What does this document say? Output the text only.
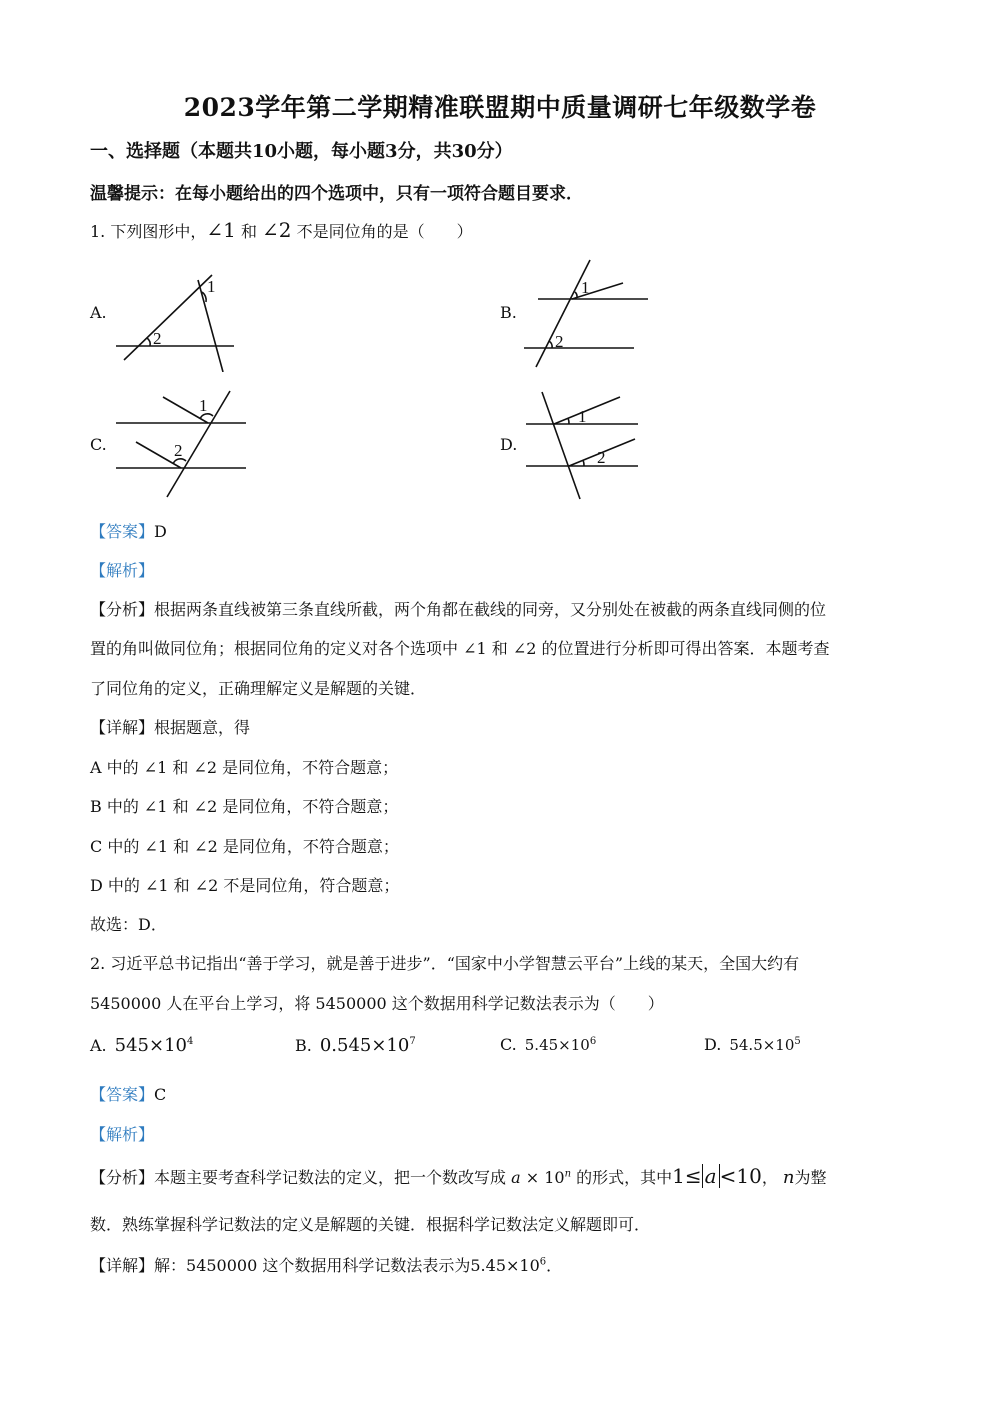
2023学年第二学期精准联盟期中质量调研七年级数学卷
一、选择题（本题共10小题，每小题3分，共30分）
温馨提示：在每小题给出的四个选项中，只有一项符合题目要求．
1. 下列图形中，∠1 和 ∠2 不是同位角的是（　　）
A.
2
1
B.
1
2
C.
1
2	D.
1
2
【答案】D
【解析】
【分析】根据两条直线被第三条直线所截，两个角都在截线的同旁，又分别处在被截的两条直线同侧的位
置的角叫做同位角；根据同位角的定义对各个选项中 ∠1 和 ∠2 的位置进行分析即可得出答案．本题考查
了同位角的定义，正确理解定义是解题的关键．
【详解】根据题意，得
A 中的 ∠1 和 ∠2 是同位角，不符合题意；
B 中的 ∠1 和 ∠2 是同位角，不符合题意；
C 中的 ∠1 和 ∠2 是同位角，不符合题意；
D 中的 ∠1 和 ∠2 不是同位角，符合题意；
故选：D．
2. 习近平总书记指出“善于学习，就是善于进步”．“国家中小学智慧云平台”上线的某天，全国大约有
5450000 人在平台上学习，将 5450000 这个数据用科学记数法表示为（　　）
A. $545\times 10^4$	B. $0.545\times 10^7$	C. $5.45\times 10^6$	D. $54.5\times 10^5$
【答案】C
【解析】
【分析】本题主要考查科学记数法的定义，把一个数改写成 $a \times 10^n$ 的形式，其中1≤ a <10， n为整
数．熟练掌握科学记数法的定义是解题的关键．根据科学记数法定义解题即可．
【详解】解：5450000 这个数据用科学记数法表示为$5.45\times 10^6$．
